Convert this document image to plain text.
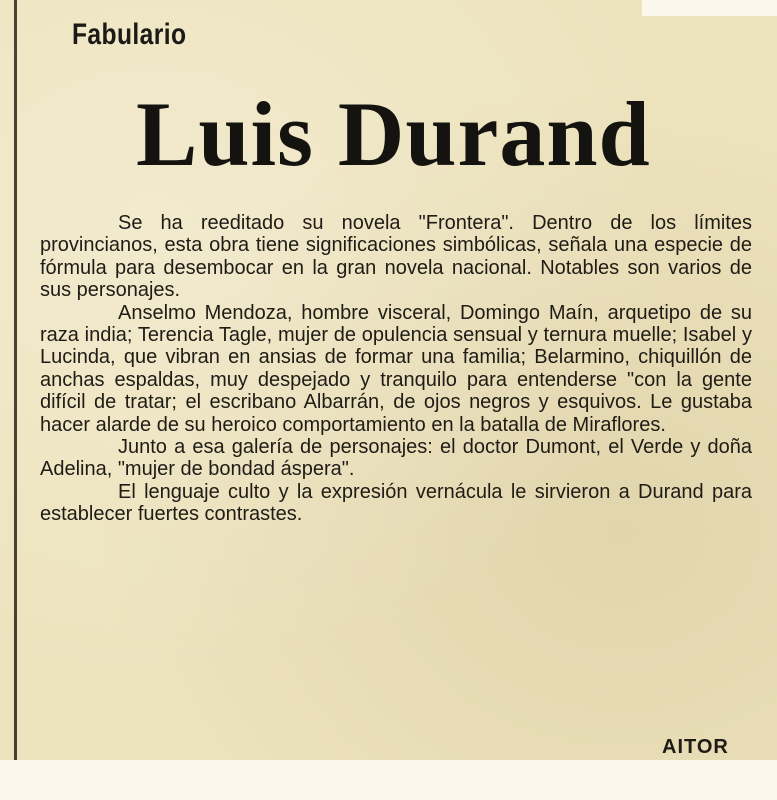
Fabulario
Luis Durand

Se ha reeditado su novela "Frontera". Dentro de los límites provincianos, esta obra tiene significaciones simbólicas, señala una especie de fórmula para desembocar en la gran novela nacional. Notables son varios de sus personajes.

Anselmo Mendoza, hombre visceral, Domingo Maín, arquetipo de su raza india; Terencia Tagle, mujer de opulencia sensual y ternura muelle; Isabel y Lucinda, que vibran en ansias de formar una familia; Belarmino, chiquillón de anchas espaldas, muy despejado y tranquilo para entenderse "con la gente difícil de tratar; el escribano Albarrán, de ojos negros y esquivos. Le gustaba hacer alarde de su heroico comportamiento en la batalla de Miraflores.

Junto a esa galería de personajes: el doctor Dumont, el Verde y doña Adelina, "mujer de bondad áspera".

El lenguaje culto y la expresión vernácula le sirvieron a Durand para establecer fuertes contrastes.

AITOR
